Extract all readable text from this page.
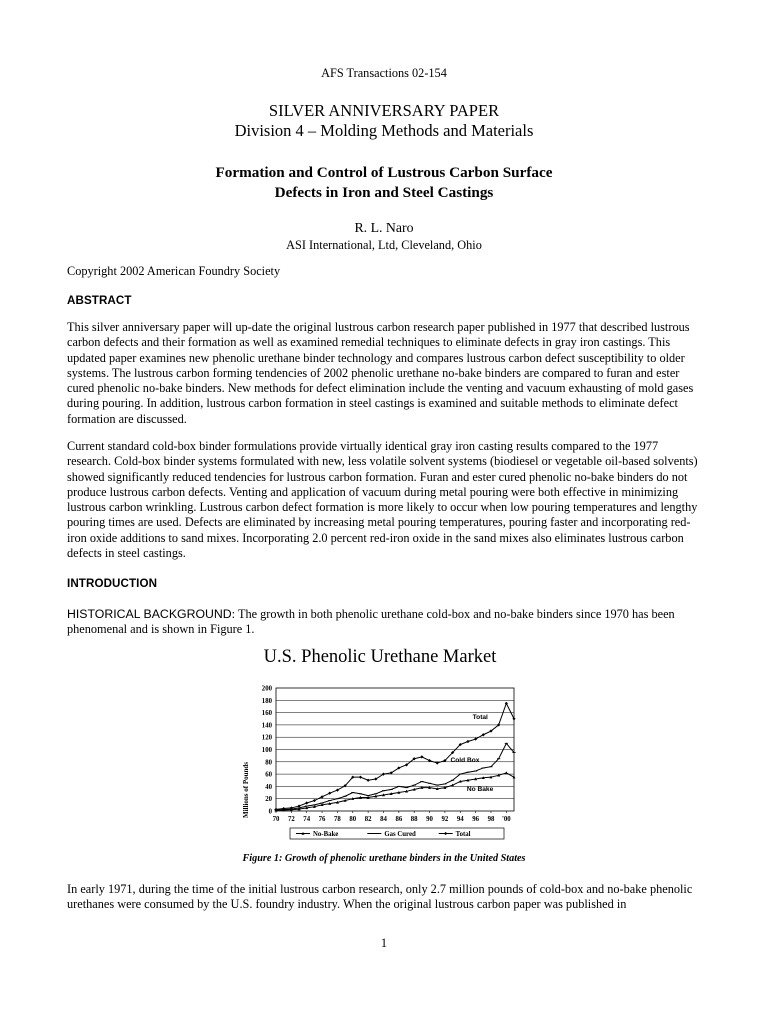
AFS Transactions 02-154
SILVER ANNIVERSARY PAPER
Division 4 – Molding Methods and Materials
Formation and Control of Lustrous Carbon Surface
Defects in Iron and Steel Castings
R. L. Naro
ASI International, Ltd, Cleveland, Ohio
Copyright 2002 American Foundry Society
ABSTRACT
This silver anniversary paper will up-date the original lustrous carbon research paper published in 1977 that described lustrous carbon defects and their formation as well as examined remedial techniques to eliminate defects in gray iron castings. This updated paper examines new phenolic urethane binder technology and compares lustrous carbon defect susceptibility to older systems. The lustrous carbon forming tendencies of 2002 phenolic urethane no-bake binders are compared to furan and ester cured phenolic no-bake binders. New methods for defect elimination include the venting and vacuum exhausting of mold gases during pouring. In addition, lustrous carbon formation in steel castings is examined and suitable methods to eliminate defect formation are discussed.
Current standard cold-box binder formulations provide virtually identical gray iron casting results compared to the 1977 research. Cold-box binder systems formulated with new, less volatile solvent systems (biodiesel or vegetable oil-based solvents) showed significantly reduced tendencies for lustrous carbon formation. Furan and ester cured phenolic no-bake binders do not produce lustrous carbon defects. Venting and application of vacuum during metal pouring were both effective in minimizing lustrous carbon wrinkling. Lustrous carbon defect formation is more likely to occur when low pouring temperatures and lengthy pouring times are used. Defects are eliminated by increasing metal pouring temperatures, pouring faster and incorporating red-iron oxide additions to sand mixes. Incorporating 2.0 percent red-iron oxide in the sand mixes also eliminates lustrous carbon defects in steel castings.
INTRODUCTION
HISTORICAL BACKGROUND: The growth in both phenolic urethane cold-box and no-bake binders since 1970 has been phenomenal and is shown in Figure 1.
U.S. Phenolic Urethane Market
Millions of Pounds
200
180
160
140
120
100
80
60
40
20
0
70 72 74 76 78 80 82 84 86 88 90 92 94 96 98 '00
Total
Cold Box
No Bake
No-Bake	Gas Cured	Total
Figure 1: Growth of phenolic urethane binders in the United States
In early 1971, during the time of the initial lustrous carbon research, only 2.7 million pounds of cold-box and no-bake phenolic urethanes were consumed by the U.S. foundry industry. When the original lustrous carbon paper was published in
1
